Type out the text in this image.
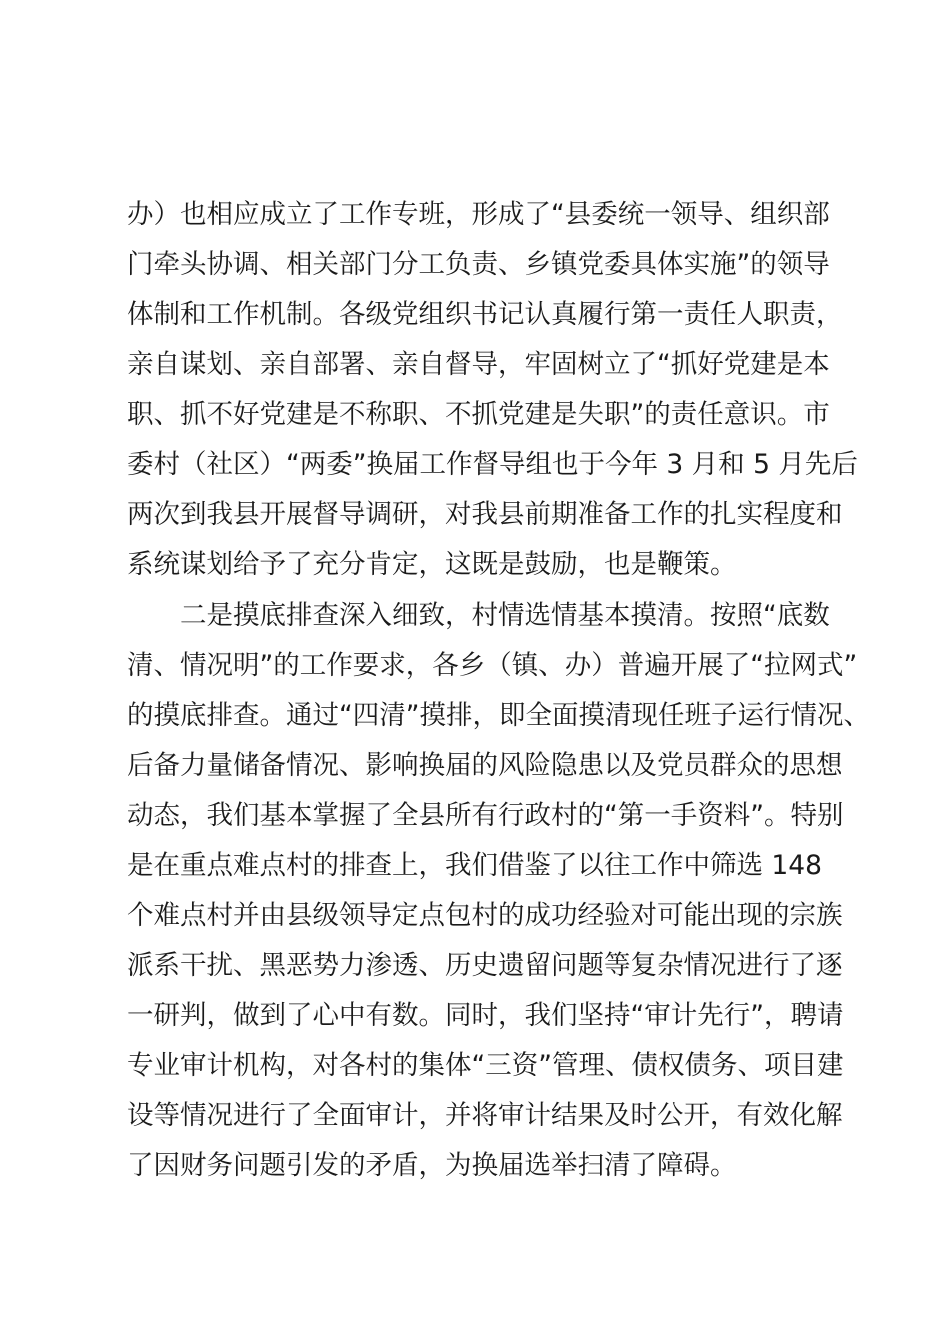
办）也相应成立了工作专班，形成了“县委统一领导、组织部
门牵头协调、相关部门分工负责、乡镇党委具体实施”的领导
体制和工作机制。各级党组织书记认真履行第一责任人职责，
亲自谋划、亲自部署、亲自督导，牢固树立了“抓好党建是本
职、抓不好党建是不称职、不抓党建是失职”的责任意识。市
委村（社区）“两委”换届工作督导组也于今年 3 月和 5 月先后
两次到我县开展督导调研，对我县前期准备工作的扎实程度和
系统谋划给予了充分肯定，这既是鼓励，也是鞭策。
二是摸底排查深入细致，村情选情基本摸清。按照“底数
清、情况明”的工作要求，各乡（镇、办）普遍开展了“拉网式”
的摸底排查。通过“四清”摸排，即全面摸清现任班子运行情况、
后备力量储备情况、影响换届的风险隐患以及党员群众的思想
动态，我们基本掌握了全县所有行政村的“第一手资料”。特别
是在重点难点村的排查上，我们借鉴了以往工作中筛选 148
个难点村并由县级领导定点包村的成功经验对可能出现的宗族
派系干扰、黑恶势力渗透、历史遗留问题等复杂情况进行了逐
一研判，做到了心中有数。同时，我们坚持“审计先行”，聘请
专业审计机构，对各村的集体“三资”管理、债权债务、项目建
设等情况进行了全面审计，并将审计结果及时公开，有效化解
了因财务问题引发的矛盾，为换届选举扫清了障碍。
